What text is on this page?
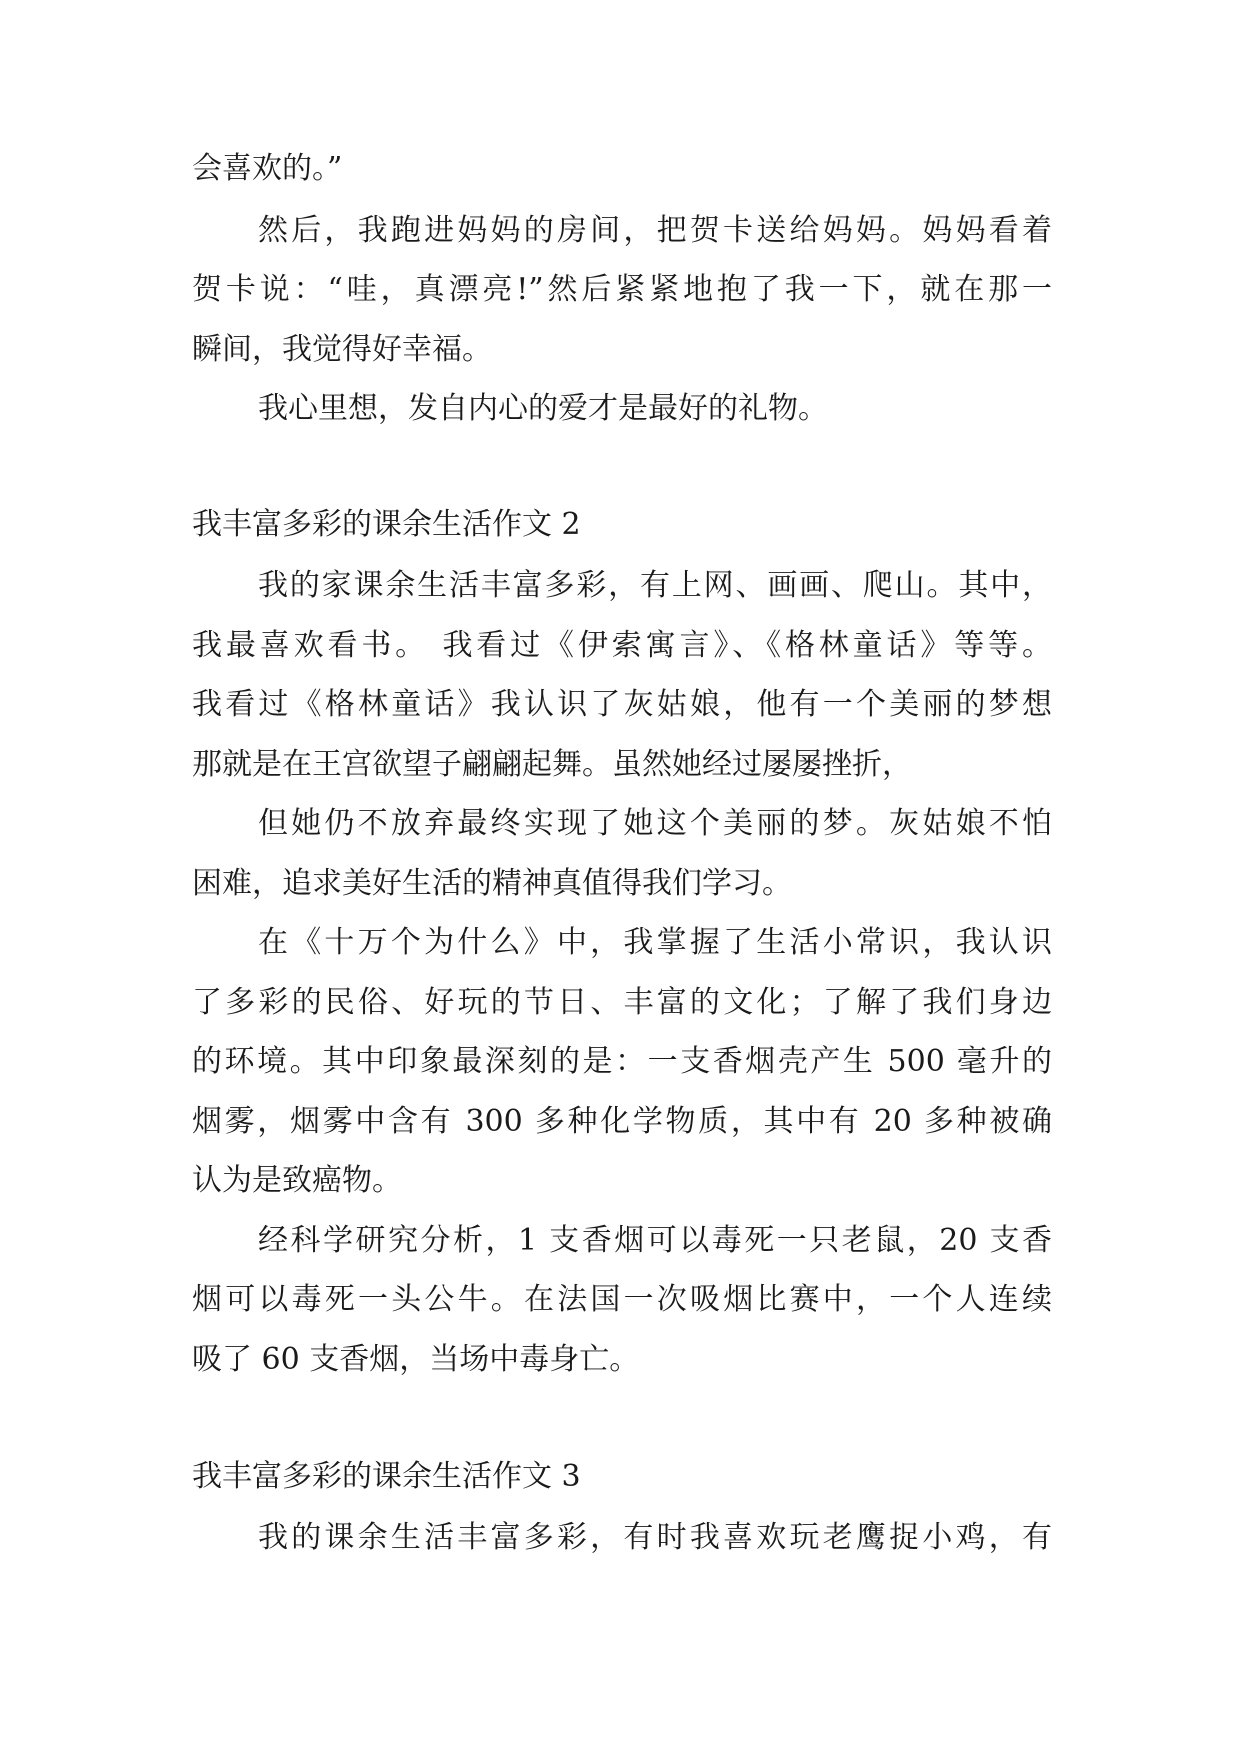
会喜欢的。”
然后，我跑进妈妈的房间，把贺卡送给妈妈。妈妈看着
贺卡说：“哇，真漂亮!”然后紧紧地抱了我一下，就在那一
瞬间，我觉得好幸福。
我心里想，发自内心的爱才是最好的礼物。
我丰富多彩的课余生活作文 2
我的家课余生活丰富多彩，有上网、画画、爬山。其中，
我最喜欢看书。 我看过《伊索寓言》、《格林童话》等等。
我看过《格林童话》我认识了灰姑娘，他有一个美丽的梦想
那就是在王宫欲望子翩翩起舞。虽然她经过屡屡挫折，
但她仍不放弃最终实现了她这个美丽的梦。灰姑娘不怕
困难，追求美好生活的精神真值得我们学习。
在《十万个为什么》中，我掌握了生活小常识，我认识
了多彩的民俗、好玩的节日、丰富的文化；了解了我们身边
的环境。其中印象最深刻的是：一支香烟壳产生 500 毫升的
烟雾，烟雾中含有 300 多种化学物质，其中有 20 多种被确
认为是致癌物。
经科学研究分析，1 支香烟可以毒死一只老鼠，20 支香
烟可以毒死一头公牛。在法国一次吸烟比赛中，一个人连续
吸了 60 支香烟，当场中毒身亡。
我丰富多彩的课余生活作文 3
我的课余生活丰富多彩，有时我喜欢玩老鹰捉小鸡，有
